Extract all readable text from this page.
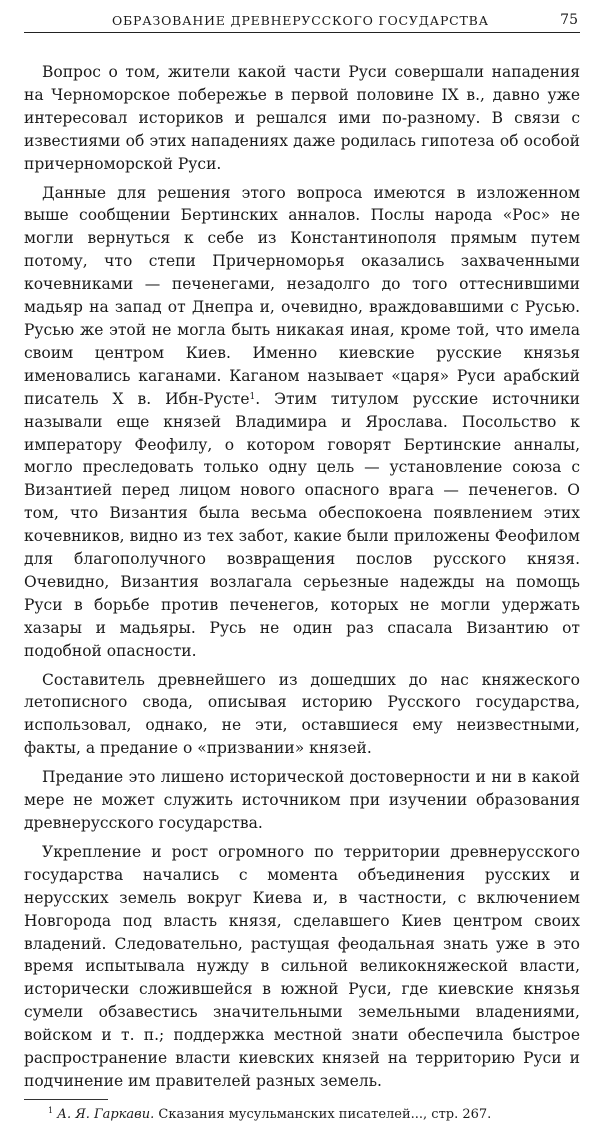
ОБРАЗОВАНИЕ ДРЕВНЕРУССКОГО ГОСУДАРСТВА	75

Вопрос о том, жители какой части Руси совершали нападения на Черноморское побережье в первой половине IX в., давно уже интересовал историков и решался ими по-разному. В связи с известиями об этих нападениях даже родилась гипотеза об особой причерноморской Руси.

Данные для решения этого вопроса имеются в изложенном выше сообщении Бертинских анналов. Послы народа «Рос» не могли вернуться к себе из Константинополя прямым путем потому, что степи Причерноморья оказались захваченными кочевниками — печенегами, незадолго до того оттеснившими мадьяр на запад от Днепра и, очевидно, враждовавшими с Русью. Русью же этой не могла быть никакая иная, кроме той, что имела своим центром Киев. Именно киевские русские князья именовались каганами. Каганом называет «царя» Руси арабский писатель X в. Ибн-Русте$^1$. Этим титулом русские источники называли еще князей Владимира и Ярослава. Посольство к императору Феофилу, о котором говорят Бертинские анналы, могло преследовать только одну цель — установление союза с Византией перед лицом нового опасного врага — печенегов. О том, что Византия была весьма обеспокоена появлением этих кочевников, видно из тех забот, какие были приложены Феофилом для благополучного возвращения послов русского князя. Очевидно, Византия возлагала серьезные надежды на помощь Руси в борьбе против печенегов, которых не могли удержать хазары и мадьяры. Русь не один раз спасала Византию от подобной опасности.

Составитель древнейшего из дошедших до нас княжеского летописного свода, описывая историю Русского государства, использовал, однако, не эти, оставшиеся ему неизвестными, факты, а предание о «призвании» князей.

Предание это лишено исторической достоверности и ни в какой мере не может служить источником при изучении образования древнерусского государства.

Укрепление и рост огромного по территории древнерусского государства начались с момента объединения русских и нерусских земель вокруг Киева и, в частности, с включением Новгорода под власть князя, сделавшего Киев центром своих владений. Следовательно, растущая феодальная знать уже в это время испытывала нужду в сильной великокняжеской власти, исторически сложившейся в южной Руси, где киевские князья сумели обзавестись значительными земельными владениями, войском и т. п.; поддержка местной знати обеспечила быстрое распространение власти киевских князей на территорию Руси и подчинение им правителей разных земель.

$^1$ А. Я. Гаркави. Сказания мусульманских писателей..., стр. 267.
